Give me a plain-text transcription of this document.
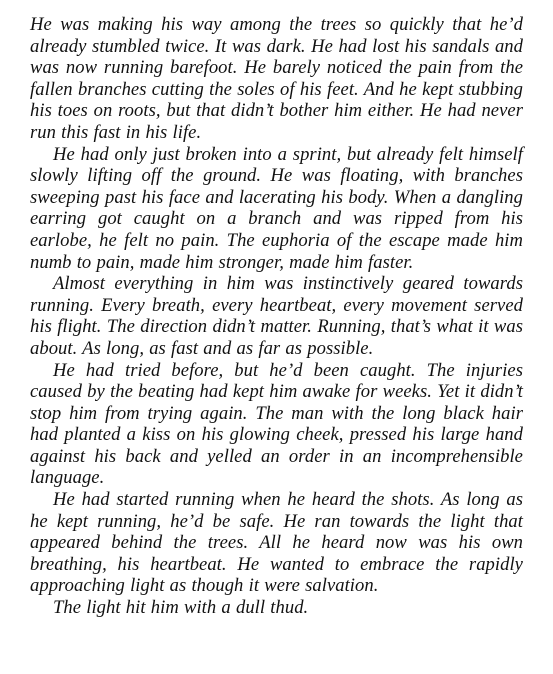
He was making his way among the trees so quickly that he’d already stumbled twice. It was dark. He had lost his sandals and was now running barefoot. He barely noticed the pain from the fallen branches cutting the soles of his feet. And he kept stubbing his toes on roots, but that didn’t bother him either. He had never run this fast in his life.

He had only just broken into a sprint, but already felt himself slowly lifting off the ground. He was floating, with branches sweeping past his face and lacerating his body. When a dangling earring got caught on a branch and was ripped from his earlobe, he felt no pain. The euphoria of the escape made him numb to pain, made him stronger, made him faster.

Almost everything in him was instinctively geared towards running. Every breath, every heartbeat, every movement served his flight. The direction didn’t matter. Running, that’s what it was about. As long, as fast and as far as possible.

He had tried before, but he’d been caught. The injuries caused by the beating had kept him awake for weeks. Yet it didn’t stop him from trying again. The man with the long black hair had planted a kiss on his glowing cheek, pressed his large hand against his back and yelled an order in an incomprehensible language.

He had started running when he heard the shots. As long as he kept running, he’d be safe. He ran towards the light that appeared behind the trees. All he heard now was his own breathing, his heartbeat. He wanted to embrace the rapidly approaching light as though it were salvation.

The light hit him with a dull thud.
